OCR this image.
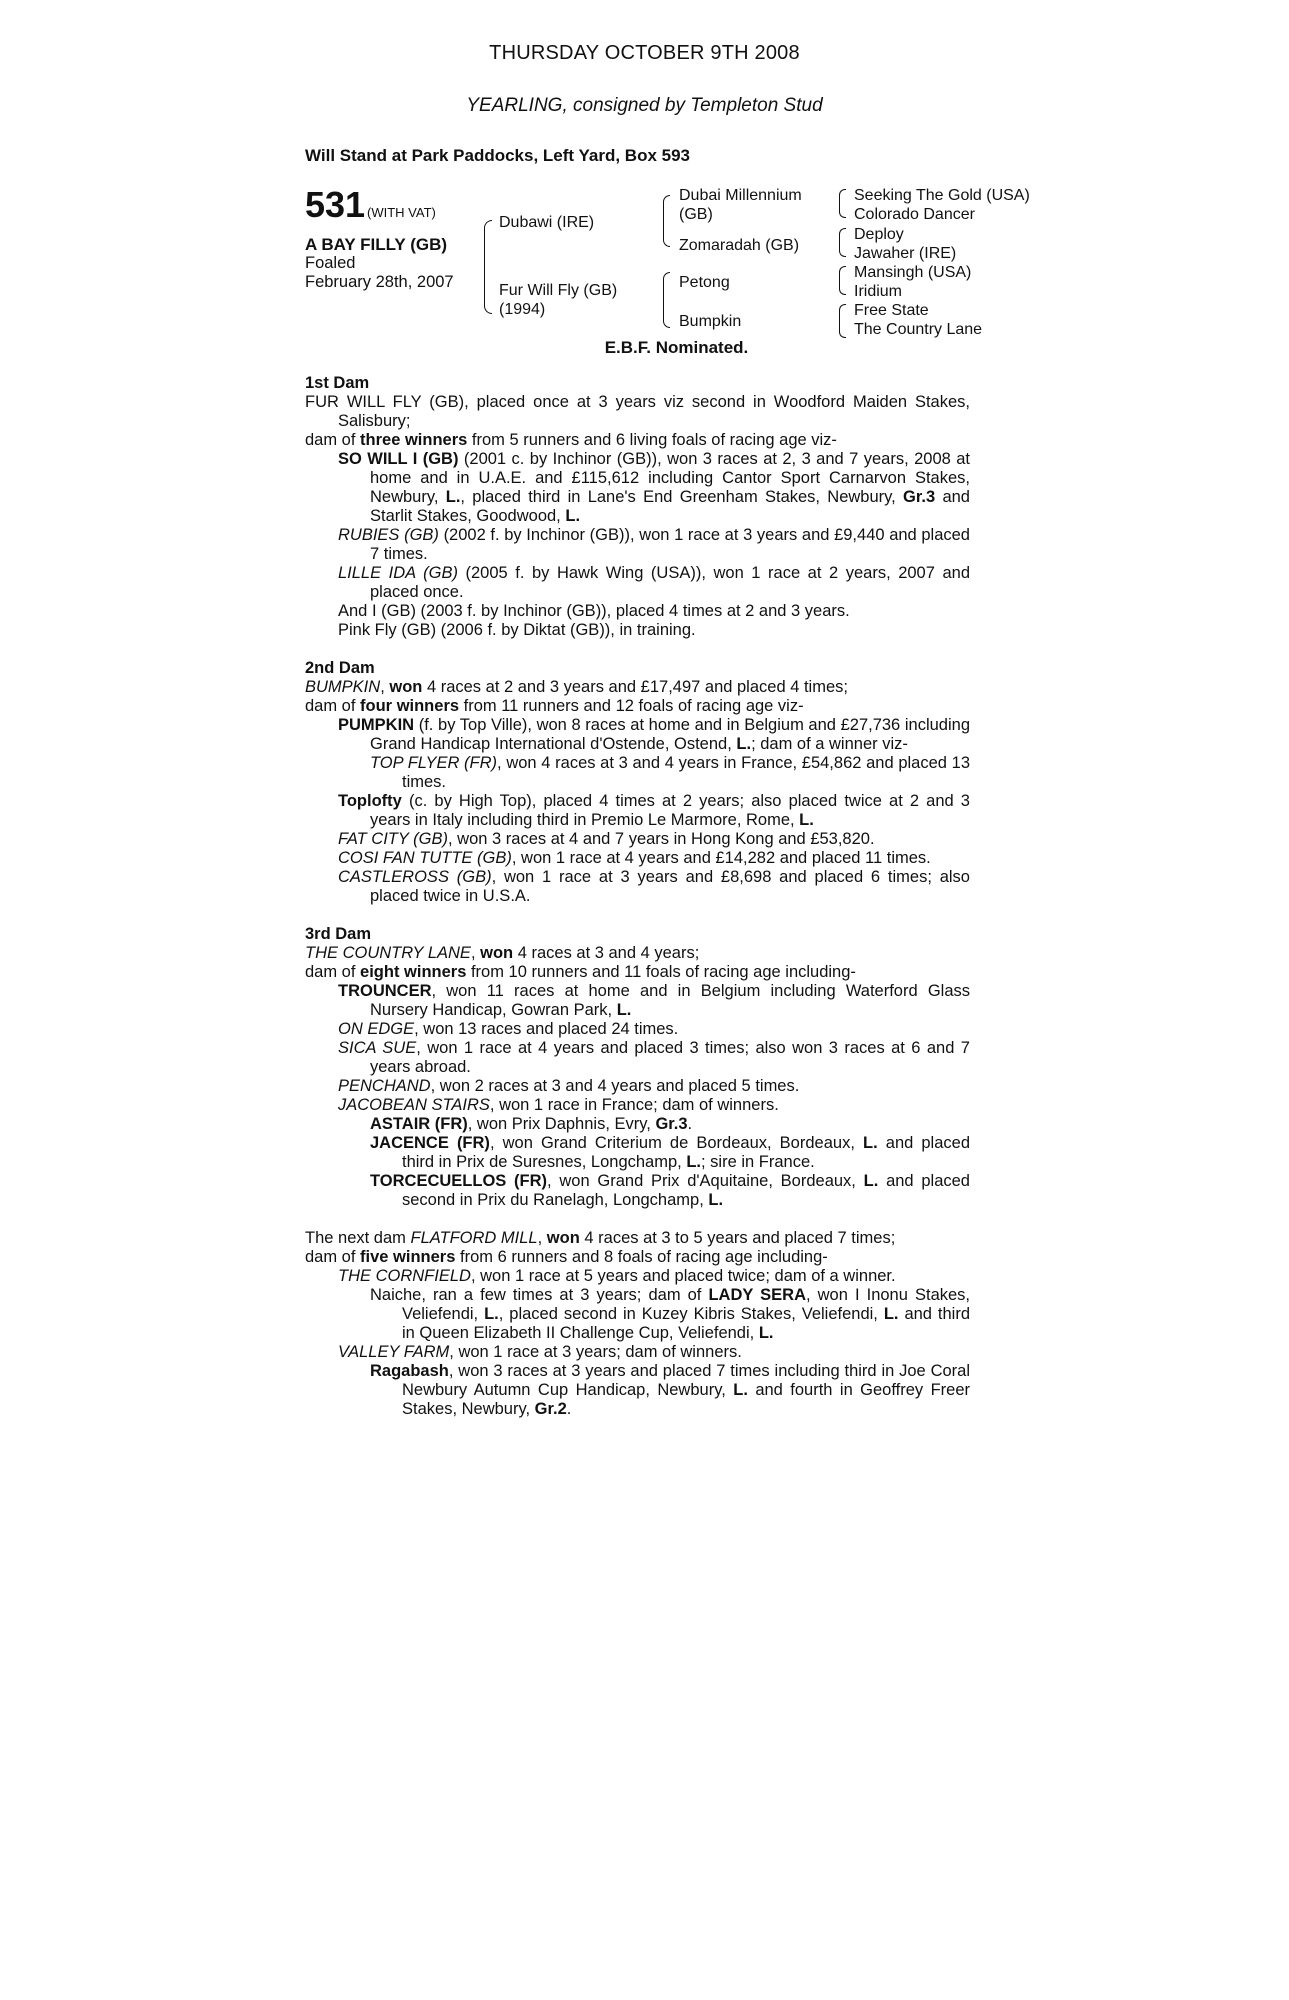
THURSDAY OCTOBER 9TH 2008
YEARLING, consigned by Templeton Stud
Will Stand at Park Paddocks, Left Yard, Box 593
531 (WITH VAT)
A BAY FILLY (GB)
Foaled
February 28th, 2007
Dubawi (IRE)
Fur Will Fly (GB)
(1994)
Dubai Millennium
(GB)
Zomaradah (GB)
Petong
Bumpkin
Seeking The Gold (USA)
Colorado Dancer
Deploy
Jawaher (IRE)
Mansingh (USA)
Iridium
Free State
The Country Lane
E.B.F. Nominated.
1st Dam
FUR WILL FLY (GB), placed once at 3 years viz second in Woodford Maiden Stakes, Salisbury;
dam of three winners from 5 runners and 6 living foals of racing age viz-
SO WILL I (GB) (2001 c. by Inchinor (GB)), won 3 races at 2, 3 and 7 years, 2008 at home and in U.A.E. and £115,612 including Cantor Sport Carnarvon Stakes, Newbury, L., placed third in Lane's End Greenham Stakes, Newbury, Gr.3 and Starlit Stakes, Goodwood, L.
RUBIES (GB) (2002 f. by Inchinor (GB)), won 1 race at 3 years and £9,440 and placed 7 times.
LILLE IDA (GB) (2005 f. by Hawk Wing (USA)), won 1 race at 2 years, 2007 and placed once.
And I (GB) (2003 f. by Inchinor (GB)), placed 4 times at 2 and 3 years.
Pink Fly (GB) (2006 f. by Diktat (GB)), in training.
2nd Dam
BUMPKIN, won 4 races at 2 and 3 years and £17,497 and placed 4 times;
dam of four winners from 11 runners and 12 foals of racing age viz-
PUMPKIN (f. by Top Ville), won 8 races at home and in Belgium and £27,736 including Grand Handicap International d'Ostende, Ostend, L.; dam of a winner viz-
TOP FLYER (FR), won 4 races at 3 and 4 years in France, £54,862 and placed 13 times.
Toplofty (c. by High Top), placed 4 times at 2 years; also placed twice at 2 and 3 years in Italy including third in Premio Le Marmore, Rome, L.
FAT CITY (GB), won 3 races at 4 and 7 years in Hong Kong and £53,820.
COSI FAN TUTTE (GB), won 1 race at 4 years and £14,282 and placed 11 times.
CASTLEROSS (GB), won 1 race at 3 years and £8,698 and placed 6 times; also placed twice in U.S.A.
3rd Dam
THE COUNTRY LANE, won 4 races at 3 and 4 years;
dam of eight winners from 10 runners and 11 foals of racing age including-
TROUNCER, won 11 races at home and in Belgium including Waterford Glass Nursery Handicap, Gowran Park, L.
ON EDGE, won 13 races and placed 24 times.
SICA SUE, won 1 race at 4 years and placed 3 times; also won 3 races at 6 and 7 years abroad.
PENCHAND, won 2 races at 3 and 4 years and placed 5 times.
JACOBEAN STAIRS, won 1 race in France; dam of winners.
ASTAIR (FR), won Prix Daphnis, Evry, Gr.3.
JACENCE (FR), won Grand Criterium de Bordeaux, Bordeaux, L. and placed third in Prix de Suresnes, Longchamp, L.; sire in France.
TORCECUELLOS (FR), won Grand Prix d'Aquitaine, Bordeaux, L. and placed second in Prix du Ranelagh, Longchamp, L.
The next dam FLATFORD MILL, won 4 races at 3 to 5 years and placed 7 times;
dam of five winners from 6 runners and 8 foals of racing age including-
THE CORNFIELD, won 1 race at 5 years and placed twice; dam of a winner.
Naiche, ran a few times at 3 years; dam of LADY SERA, won I Inonu Stakes, Veliefendi, L., placed second in Kuzey Kibris Stakes, Veliefendi, L. and third in Queen Elizabeth II Challenge Cup, Veliefendi, L.
VALLEY FARM, won 1 race at 3 years; dam of winners.
Ragabash, won 3 races at 3 years and placed 7 times including third in Joe Coral Newbury Autumn Cup Handicap, Newbury, L. and fourth in Geoffrey Freer Stakes, Newbury, Gr.2.
